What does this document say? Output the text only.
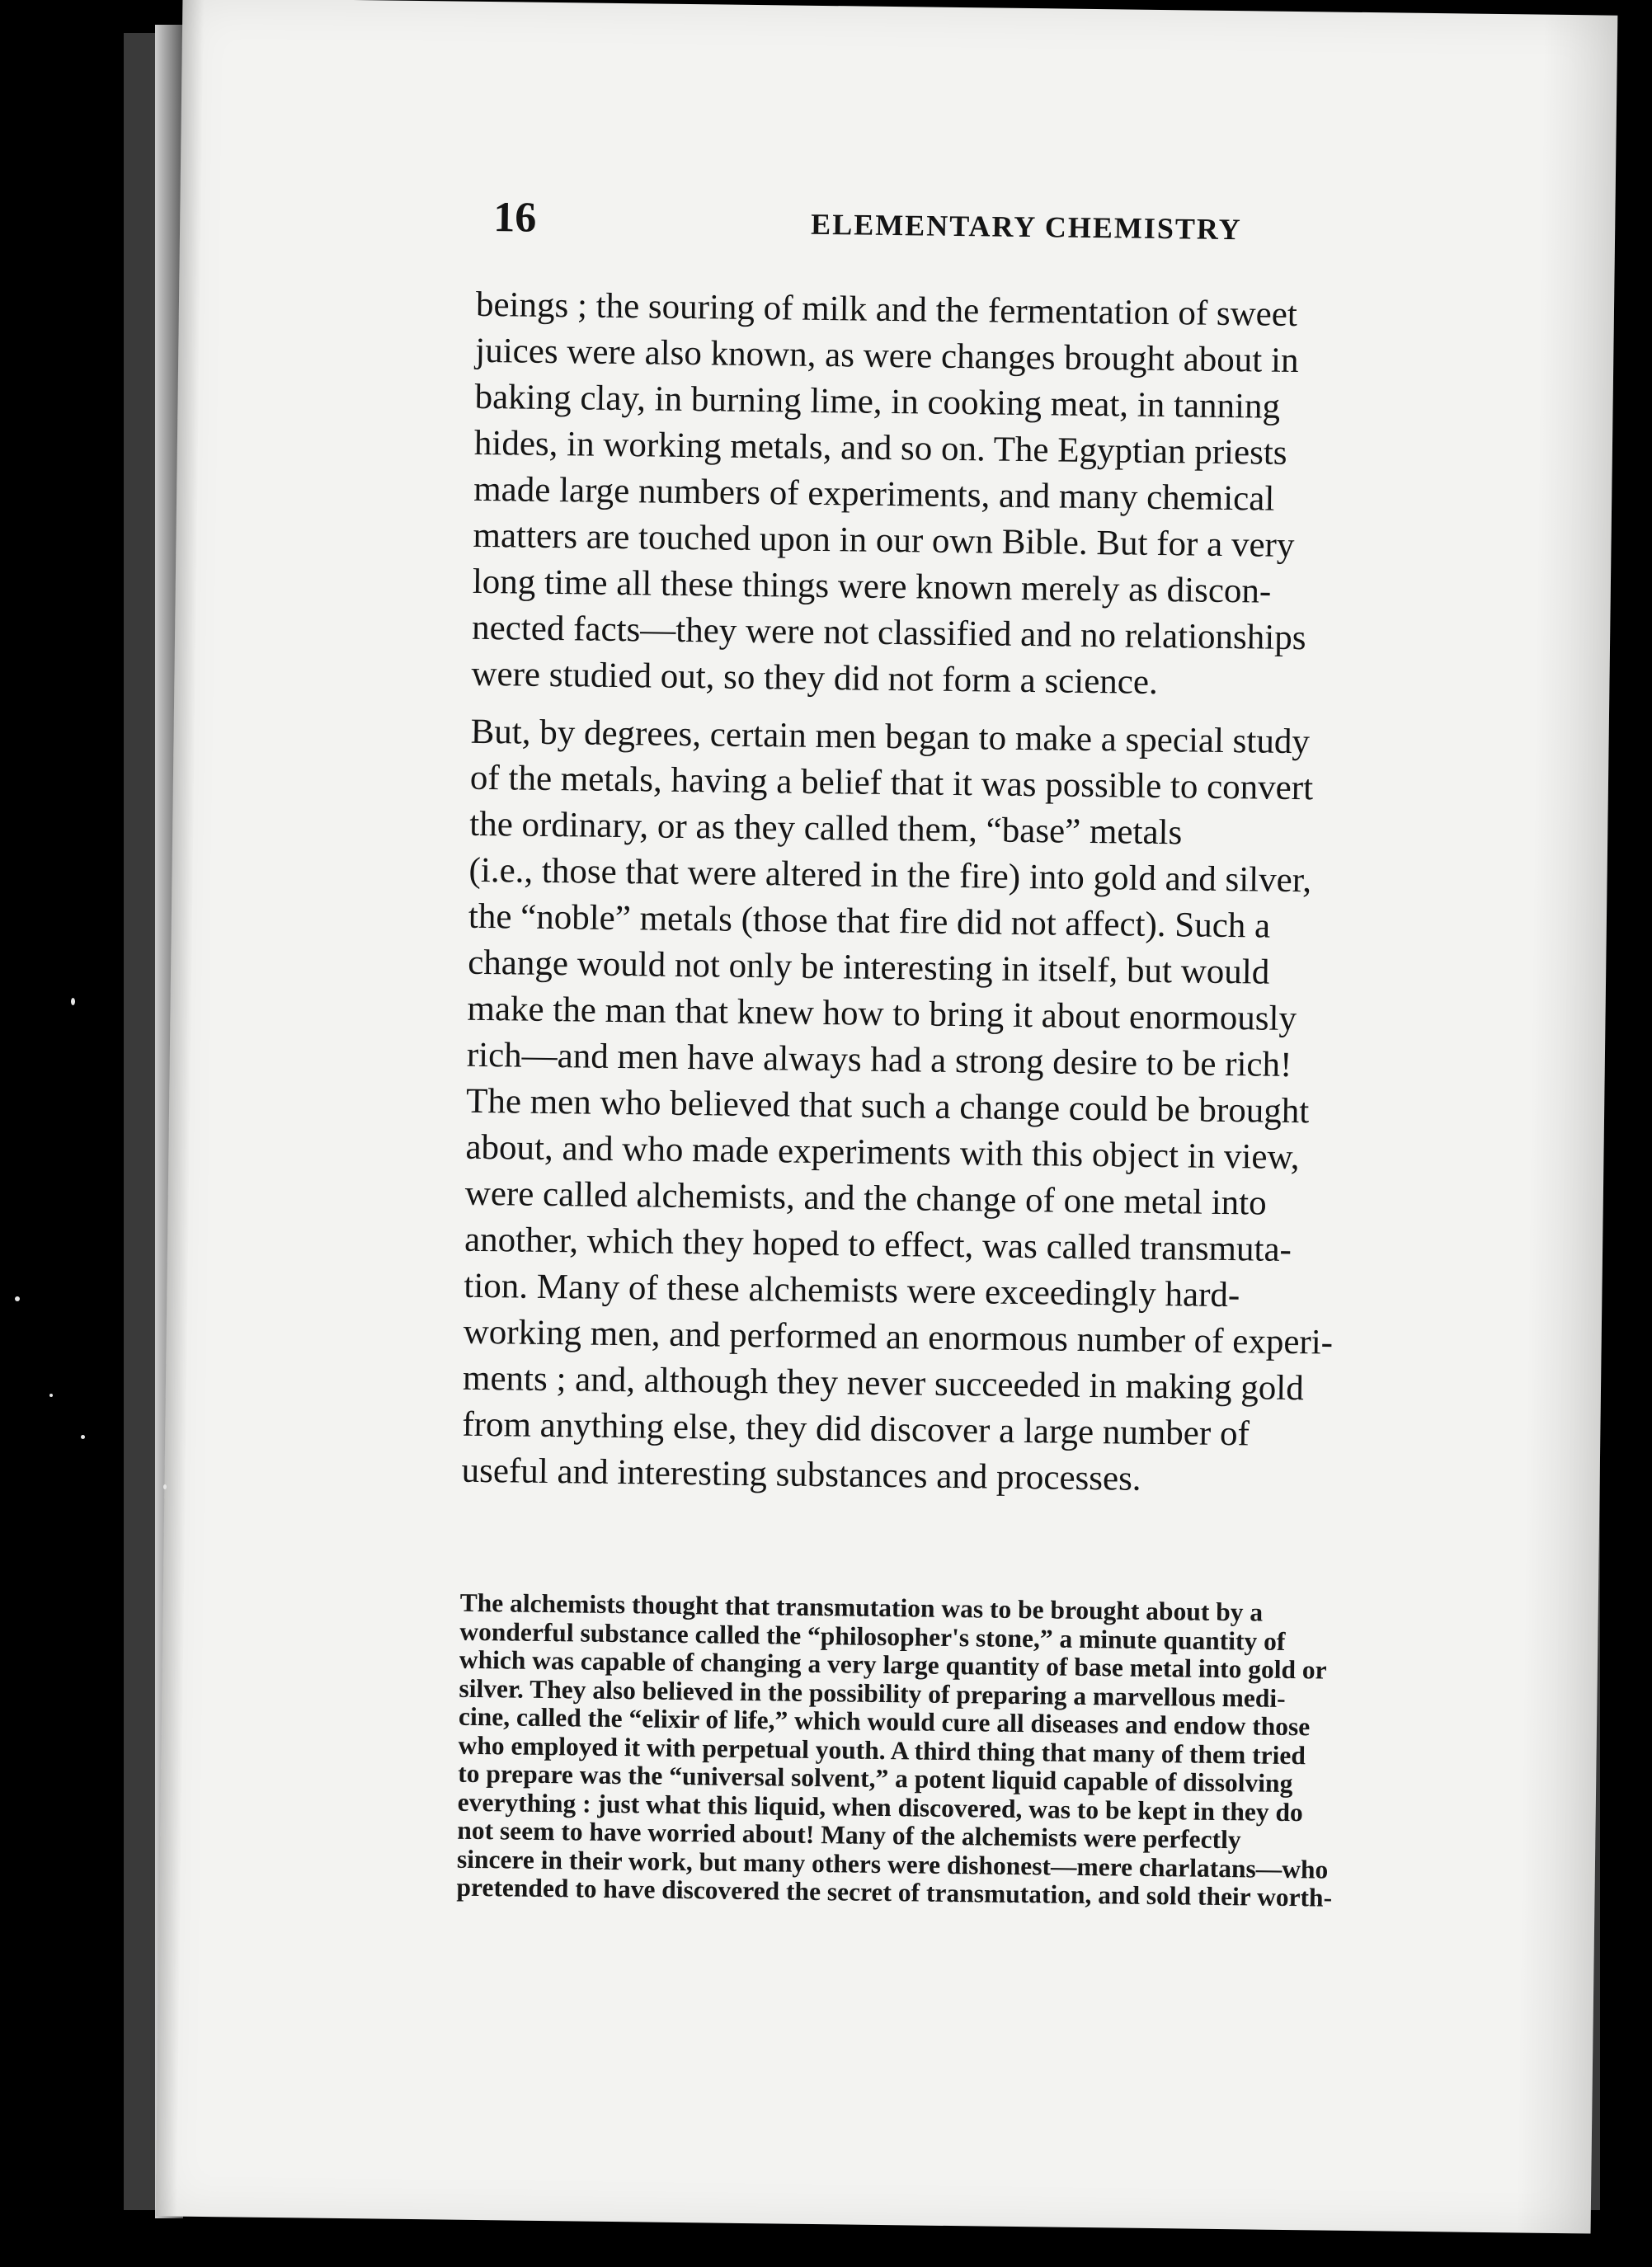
16	ELEMENTARY CHEMISTRY

beings ; the souring of milk and the fermentation of sweet
juices were also known, as were changes brought about in
baking clay, in burning lime, in cooking meat, in tanning
hides, in working metals, and so on. The Egyptian priests
made large numbers of experiments, and many chemical
matters are touched upon in our own Bible. But for a very
long time all these things were known merely as discon-
nected facts—they were not classified and no relationships
were studied out, so they did not form a science.

But, by degrees, certain men began to make a special study
of the metals, having a belief that it was possible to convert
the ordinary, or as they called them, “base” metals
(i.e., those that were altered in the fire) into gold and silver,
the “noble” metals (those that fire did not affect). Such a
change would not only be interesting in itself, but would
make the man that knew how to bring it about enormously
rich—and men have always had a strong desire to be rich!
The men who believed that such a change could be brought
about, and who made experiments with this object in view,
were called alchemists, and the change of one metal into
another, which they hoped to effect, was called transmuta-
tion. Many of these alchemists were exceedingly hard-
working men, and performed an enormous number of experi-
ments ; and, although they never succeeded in making gold
from anything else, they did discover a large number of
useful and interesting substances and processes.

The alchemists thought that transmutation was to be brought about by a
wonderful substance called the “philosopher's stone,” a minute quantity of
which was capable of changing a very large quantity of base metal into gold or
silver. They also believed in the possibility of preparing a marvellous medi-
cine, called the “elixir of life,” which would cure all diseases and endow those
who employed it with perpetual youth. A third thing that many of them tried
to prepare was the “universal solvent,” a potent liquid capable of dissolving
everything : just what this liquid, when discovered, was to be kept in they do
not seem to have worried about! Many of the alchemists were perfectly
sincere in their work, but many others were dishonest—mere charlatans—who
pretended to have discovered the secret of transmutation, and sold their worth-
